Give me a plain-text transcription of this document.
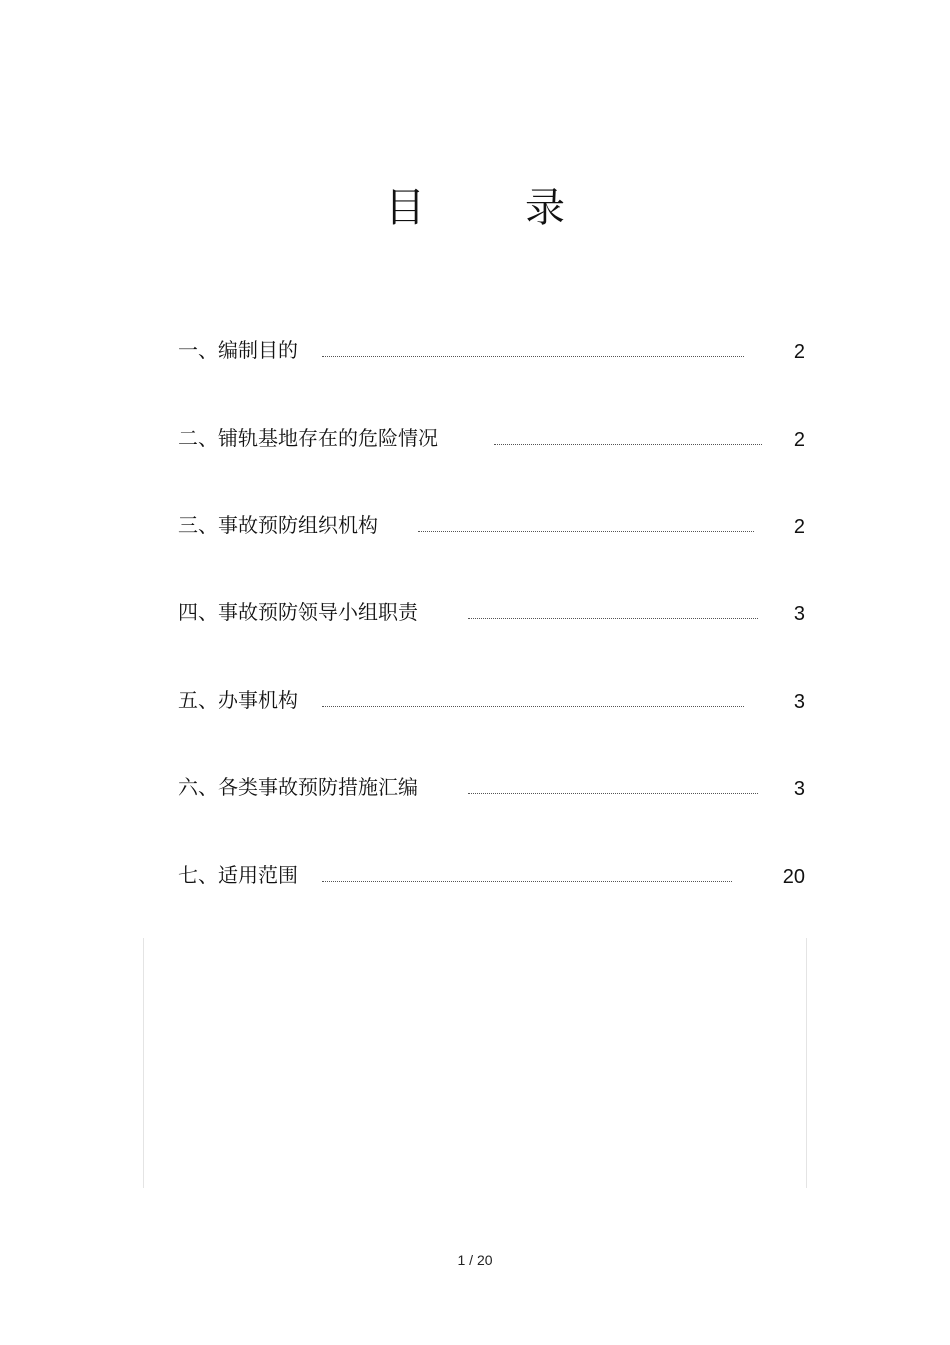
目	录
一、编制目的	2
二、铺轨基地存在的危险情况	2
三、事故预防组织机构	2
四、事故预防领导小组职责	3
五、办事机构	3
六、各类事故预防措施汇编	3
七、适用范围	20
1 / 20
